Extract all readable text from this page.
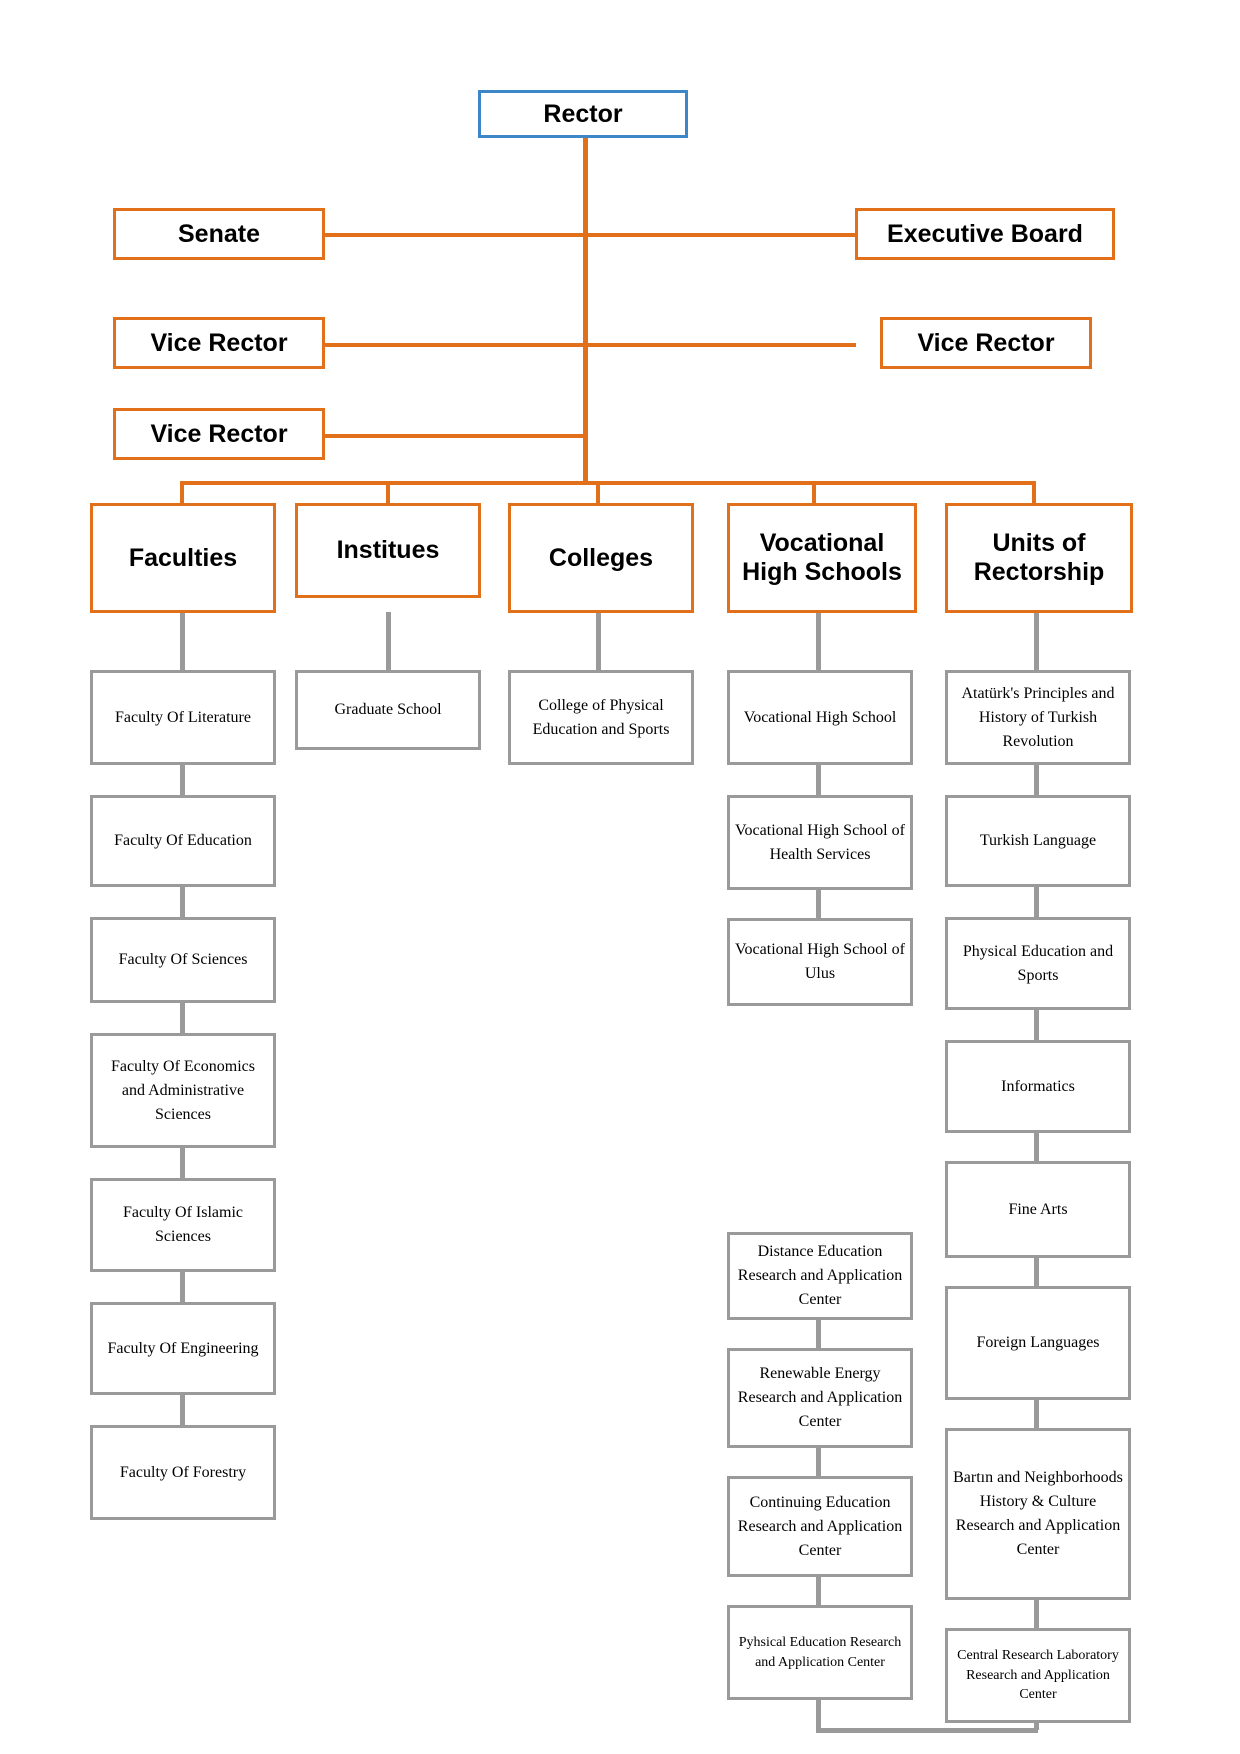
Rector
Senate	Executive Board
Vice Rector	Vice Rector
Vice Rector
Faculties	Institues	Colleges
Vocational High Schools
Units of Rectorship
Faculty Of Literature
Faculty Of Education
Faculty Of Sciences
Faculty Of Economics and Administrative Sciences
Faculty Of Islamic Sciences
Faculty Of Engineering
Faculty Of Forestry
Graduate School	College of Physical Education and Sports
Vocational High School
Vocational High School of Health Services
Vocational High School of Ulus
Distance Education Research and Application Center
Renewable Energy Research and Application Center
Continuing Education Research and Application Center
Pyhsical Education Research and Application Center
Atatürk's Principles and History of Turkish Revolution
Turkish Language
Physical Education and Sports
Informatics
Fine Arts
Foreign Languages
Bartın and Neighborhoods History & Culture Research and Application Center
Central Research Laboratory Research and Application Center
